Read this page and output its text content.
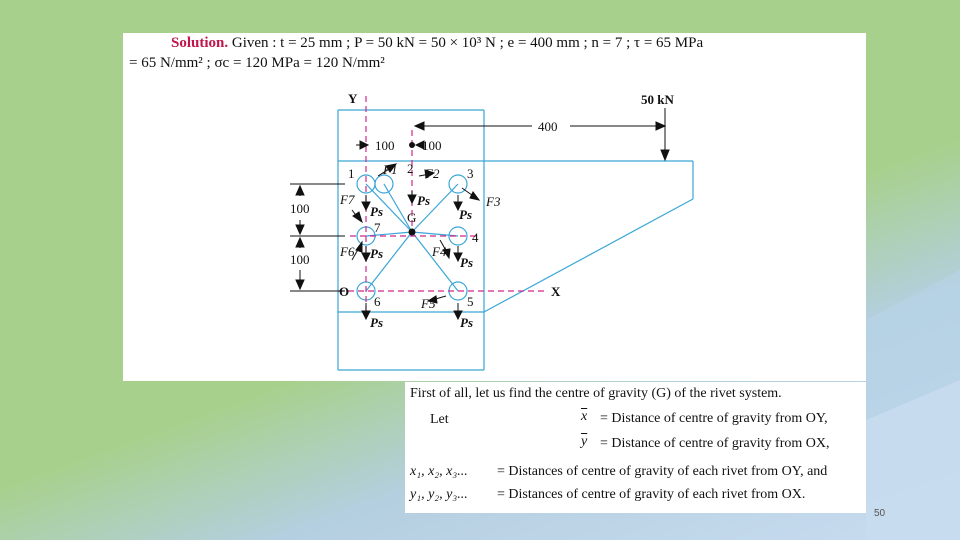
Solution. Given : t = 25 mm ; P = 50 kN = 50 × 10³ N ; e = 400 mm ; n = 7 ; τ = 65 MPa
= 65 N/mm² ; σc = 120 MPa = 120 N/mm²
Y
X
O
50 kN
400
100 100
100
100
G
1	2	3
4
5
6
7
F1 F2
F3
F4
F5
F6
F7
Ps
Ps
Ps
Ps
Ps
Ps	Ps
First of all, let us find the centre of gravity (G) of the rivet system.
Let	$\overline{x}$ = Distance of centre of gravity from OY,
$\overline{y}$ = Distance of centre of gravity from OX,
x₁, x₂, x₃... = Distances of centre of gravity of each rivet from OY, and
y₁, y₂, y₃... = Distances of centre of gravity of each rivet from OX.
50
